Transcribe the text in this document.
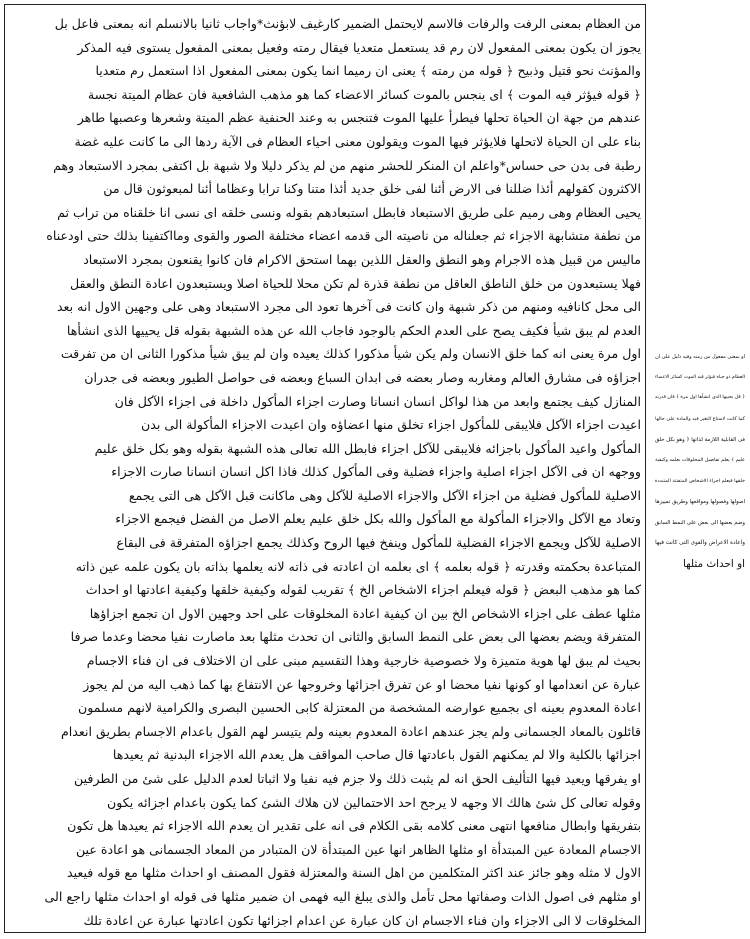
من العظام بمعنى الرفت والرفات فالاسم لايحتمل الضمير كارغيف لابؤنث*واجاب ثانيا بالانسلم انه بمعنى فاعل بل
يجوز ان يكون بمعنى المفعول لان رم قد يستعمل متعديا فيقال رمته وفعيل بمعنى المفعول يستوى فيه المذكر
والمؤنث نحو قتيل وذبيح ﴿ قوله من رمته ﴾ يعنى ان رميما انما يكون بمعنى المفعول اذا استعمل رم متعديا
﴿ قوله فيؤثر فيه الموت ﴾ اى ينجس بالموت كسائر الاعضاء كما هو مذهب الشافعية فان عظام الميتة نجسة
عندهم من جهة ان الحياة تحلها فيطرأ عليها الموت فتنجس به وعند الحنفية عظم الميتة وشعرها وعصبها طاهر
بناء على ان الحياة لاتحلها فلايؤثر فيها الموت ويقولون معنى احياء العظام فى الآية ردها الى ما كانت عليه غضة
رطبة فى بدن حى حساس*واعلم ان المنكر للحشر منهم من لم يذكر دليلا ولا شبهة بل اكتفى بمجرد الاستبعاد وهم
الاكثرون كقولهم أئذا ضللنا فى الارض أئنا لفى خلق جديد أئذا متنا وكنا ترابا وعظاما أئنا لمبعوثون قال من
يحيى العظام وهى رميم على طريق الاستبعاد فابطل استبعادهم بقوله ونسى خلقه اى نسى انا خلقناه من تراب ثم
من نطفة متشابهة الاجزاء ثم جعلناله من ناصيته الى قدمه اعضاء مختلفة الصور والقوى ومااكتفينا بذلك حتى اودعناه
ماليس من قبيل هذه الاجرام وهو النطق والعقل اللذين بهما استحق الاكرام فان كانوا يقنعون بمجرد الاستبعاد
فهلا يستبعدون من خلق الناطق العاقل من نطفة قذرة لم تكن محلا للحياة اصلا ويستبعدون اعادة النطق والعقل
الى محل كانافيه ومنهم من ذكر شبهة وان كانت فى آخرها تعود الى مجرد الاستبعاد وهى على وجهين الاول انه بعد
العدم لم يبق شيأ فكيف يصح على العدم الحكم بالوجود فاجاب الله عن هذه الشبهة بقوله قل يحييها الذى انشأها
اول مرة يعنى انه كما خلق الانسان ولم يكن شيأ مذكورا كذلك يعيده وان لم يبق شيأ مذكورا الثانى ان من تفرقت
اجزاؤه فى مشارق العالم ومغاربه وصار بعضه فى ابدان السباع وبعضه فى حواصل الطيور وبعضه فى جدران
المنازل كيف يجتمع وابعد من هذا لواكل انسان انسانا وصارت اجزاء المأكول داخلة فى اجزاء الآكل فان
اعيدت اجزاء الآكل فلايبقى للمأكول اجزاء تخلق منها اعضاؤه وان اعيدت الاجزاء المأكولة الى بدن
المأكول واعيد المأكول باجزائه فلايبقى للآكل اجزاء فابطل الله تعالى هذه الشبهة بقوله وهو بكل خلق عليم
ووجهه ان فى الآكل اجزاء اصلية واجزاء فضلية وفى المأكول كذلك فاذا اكل انسان انسانا صارت الاجزاء
الاصلية للمأكول فضلية من اجزاء الآكل والاجزاء الاصلية للآكل وهى ماكانت قبل الآكل هى التى يجمع
وتعاد مع الآكل والاجزاء المأكولة مع المأكول والله بكل خلق عليم يعلم الاصل من الفضل فيجمع الاجزاء
الاصلية للآكل ويجمع الاجزاء الفضلية للمأكول وينفخ فيها الروح وكذلك يجمع اجزاؤه المتفرقة فى البقاع
المتباعدة بحكمته وقدرته ﴿ قوله بعلمه ﴾ اى بعلمه ان اعادته فى ذاته لانه يعلمها بذاته بان يكون علمه عين ذاته
كما هو مذهب البعض ﴿ قوله فيعلم اجزاء الاشخاص الخ ﴾ تقريب لقوله وكيفية خلقها وكيفية اعادتها او احداث
مثلها عطف على اجزاء الاشخاص الخ بين ان كيفية اعادة المخلوقات على احد وجهين الاول ان تجمع اجزاؤها
المتفرقة ويضم بعضها الى بعض على النمط السابق والثانى ان تحدث مثلها بعد ماصارت نفيا محضا وعدما صرفا
بحيث لم يبق لها هوية متميزة ولا خصوصية خارجية وهذا التقسيم مبنى على ان الاختلاف فى ان فناء الاجسام
عبارة عن انعدامها او كونها نفيا محضا او عن تفرق اجزائها وخروجها عن الانتفاع بها كما ذهب اليه من لم يجوز
اعادة المعدوم بعينه اى بجميع عوارضه المشخصة من المعتزلة كابى الحسين البصرى والكرامية لانهم مسلمون
قائلون بالمعاد الجسمانى ولم يجز عندهم اعادة المعدوم بعينه ولم يتيسر لهم القول باعدام الاجسام بطريق انعدام
اجزائها بالكلية والا لم يمكنهم القول باعادتها قال صاحب المواقف هل يعدم الله الاجزاء البدنية ثم يعيدها
او يفرقها ويعيد فيها التأليف الحق انه لم يثبت ذلك ولا جزم فيه نفيا ولا اثباتا لعدم الدليل على شئ من الطرفين
وقوله تعالى كل شئ هالك الا وجهه لا يرجح احد الاحتمالين لان هلاك الشئ كما يكون باعدام اجزائه يكون
بتفريقها وابطال منافعها انتهى معنى كلامه بقى الكلام فى انه على تقدير ان يعدم الله الاجزاء ثم يعيدها هل تكون
الاجسام المعادة عين المبتدأة او مثلها الظاهر انها عين المبتدأة لان المتبادر من المعاد الجسمانى هو اعادة عين
الاول لا مثله وهو جائز عند اكثر المتكلمين من اهل السنة والمعتزلة فقول المصنف او احداث مثلها مع قوله فيعيد
او مثلهم فى اصول الذات وصفاتها محل تأمل والذى يبلغ اليه فهمى ان ضمير مثلها فى قوله او احداث مثلها راجع الى
المخلوقات لا الى الاجزاء وان فناء الاجسام ان كان عبارة عن اعدام اجزائها تكون اعادتها عبارة عن اعادة تلك
او بمعنى مفعول من رمته وفيه دليل على ان
العظام ذو حياة فيؤثر فيه الموت كسائر الاعضاء
﴿ قل يحييها الذى انشأها اول مرة ﴾ فان قدرته
كما كانت لامتناع التغير فيه والمادة على حالها
فى القابلية اللازمة لذاتها ﴿ وهو بكل خلق
عليم ﴾ يعلم تفاصيل المخلوقات بعلمه وكيفية
خلقها فيعلم اجزاء الاشخاص المتفتتة المتبددة
اصولها وفصولها ومواقعها وطريق تمييزها
وضم بعضها الى بعض على النمط السابق
واعادة الاعراض والقوى التى كانت فيها
او احداث مثلها
